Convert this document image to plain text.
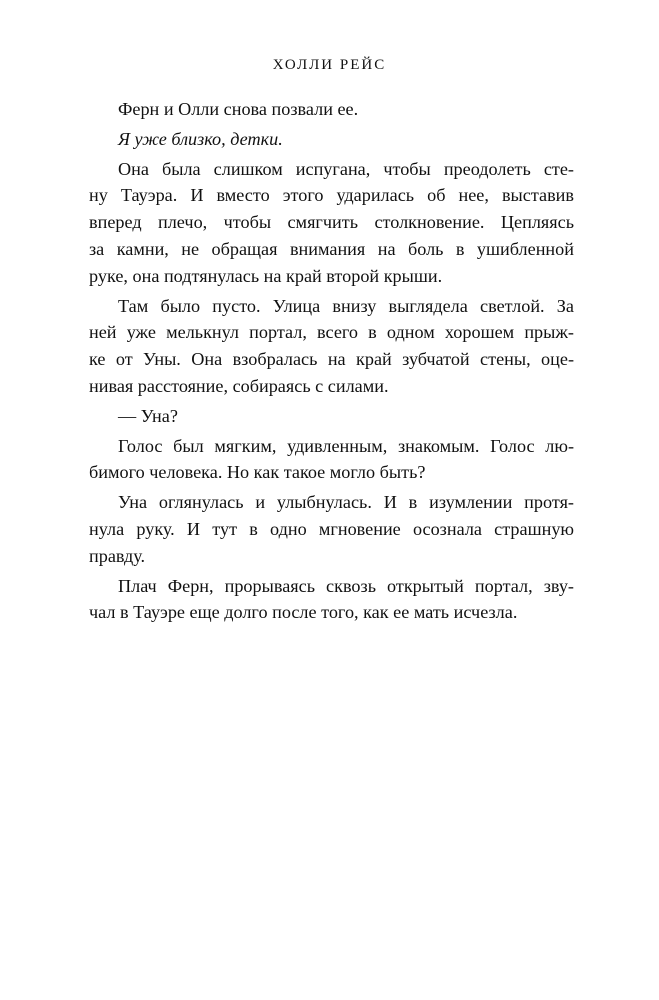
ХОЛЛИ РЕЙС
Ферн и Олли снова позвали ее.
Я уже близко, детки.
Она была слишком испугана, чтобы преодолеть сте-
ну Тауэра. И вместо этого ударилась об нее, выставив
вперед плечо, чтобы смягчить столкновение. Цепляясь
за камни, не обращая внимания на боль в ушибленной
руке, она подтянулась на край второй крыши.
Там было пусто. Улица внизу выглядела светлой. За
ней уже мелькнул портал, всего в одном хорошем прыж-
ке от Уны. Она взобралась на край зубчатой стены, оце-
нивая расстояние, собираясь с силами.
— Уна?
Голос был мягким, удивленным, знакомым. Голос лю-
бимого человека. Но как такое могло быть?
Уна оглянулась и улыбнулась. И в изумлении протя-
нула руку. И тут в одно мгновение осознала страшную
правду.
Плач Ферн, прорываясь сквозь открытый портал, зву-
чал в Тауэре еще долго после того, как ее мать исчезла.
